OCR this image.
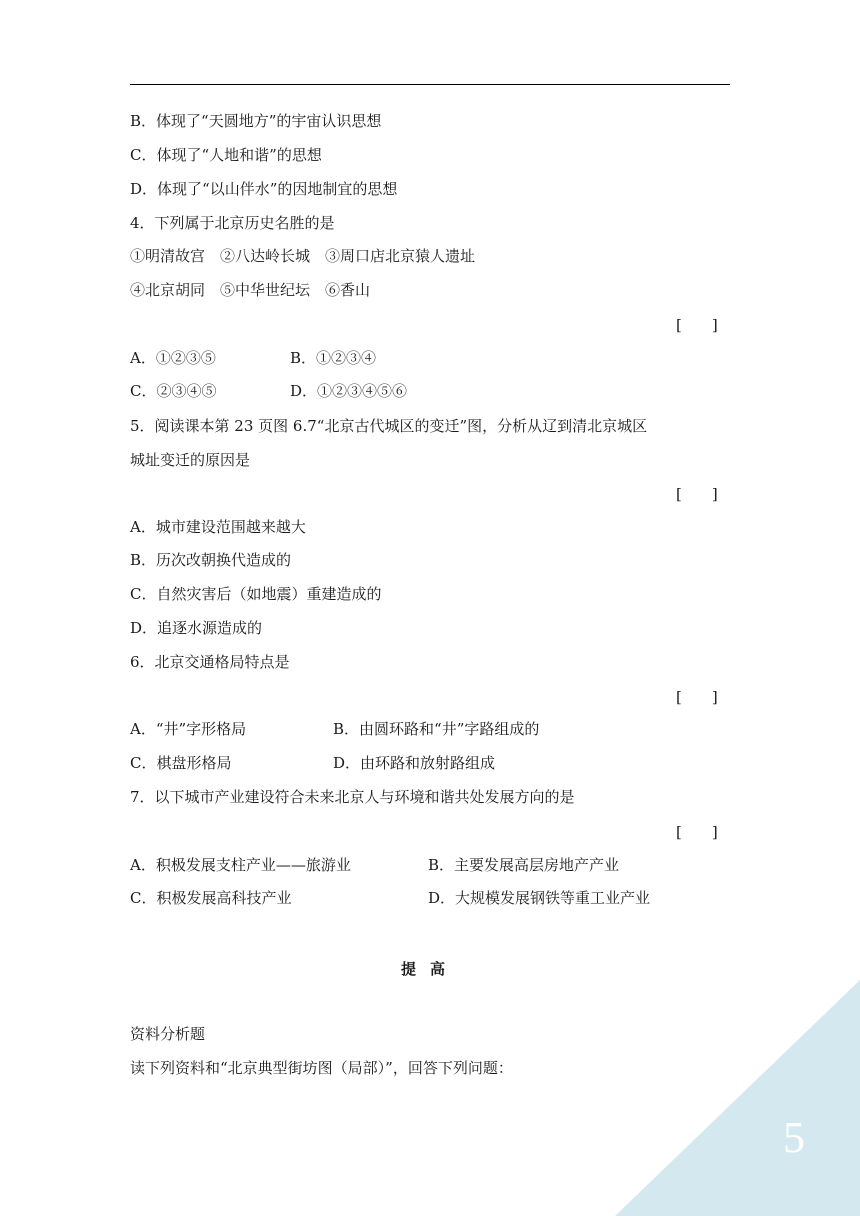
B．体现了“天圆地方”的宇宙认识思想
C．体现了“人地和谐”的思想
D．体现了“以山伴水”的因地制宜的思想
4．下列属于北京历史名胜的是
①明清故宫　②八达岭长城　③周口店北京猿人遗址
④北京胡同　⑤中华世纪坛　⑥香山
[　　]
A．①②③⑤	B．①②③④
C．②③④⑤	D．①②③④⑤⑥
5．阅读课本第 23 页图 6.7“北京古代城区的变迁”图，分析从辽到清北京城区
城址变迁的原因是
[　　]
A．城市建设范围越来越大
B．历次改朝换代造成的
C．自然灾害后（如地震）重建造成的
D．追逐水源造成的
6．北京交通格局特点是
[　　]
A．“井”字形格局	B．由圆环路和“井”字路组成的
C．棋盘形格局	D．由环路和放射路组成
7．以下城市产业建设符合未来北京人与环境和谐共处发展方向的是
[　　]
A．积极发展支柱产业——旅游业	B．主要发展高层房地产产业
C．积极发展高科技产业	D．大规模发展钢铁等重工业产业
提高
资料分析题
读下列资料和“北京典型街坊图（局部）”，回答下列问题：
5
